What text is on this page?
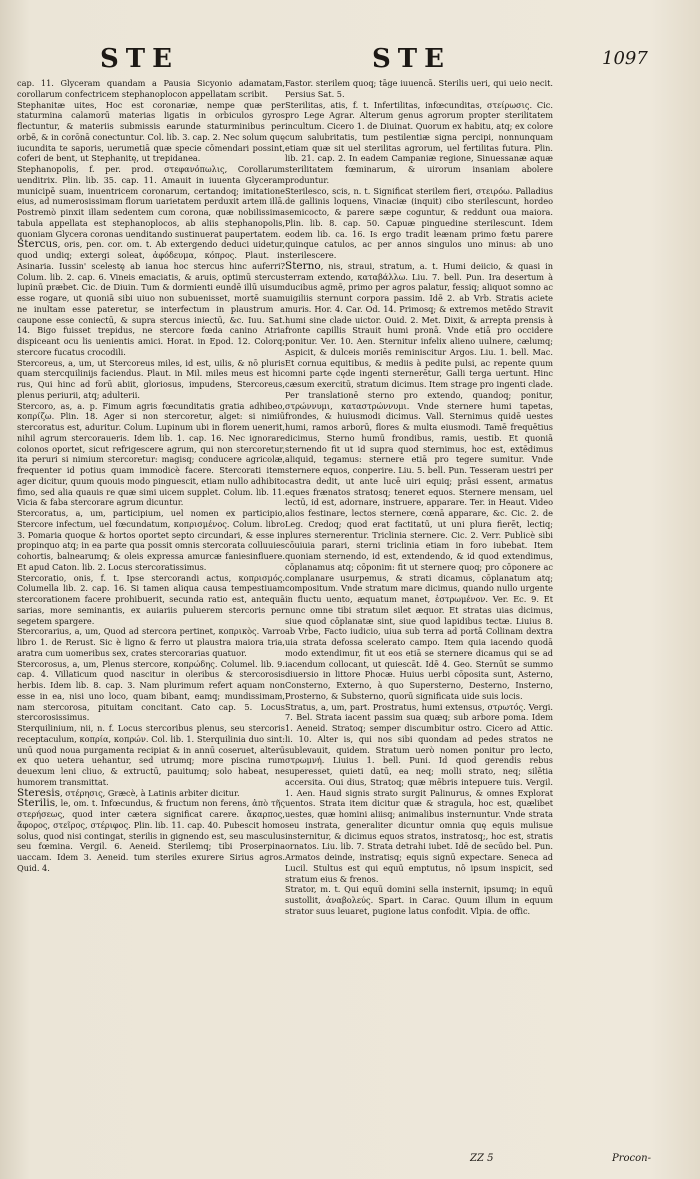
STE	STE	1097

cap. 11. Glyceram quandam a Pausia Sicyonio adamatam, corollarum confectricem stephanoplocon appellatam scribit.

Stephanitæ uites, Hoc est coronariæ, nempe quæ per staturmina calamorū materias ligatis in orbiculos gyros flectuntur, & materiis submissis earunde staturminibus per orbē, & in corōnā conectuntur. Col. lib. 3. cap. 2. Nec solum quę iucundita te saporis, uerumetiā quæ specie cōmendari possint, coferi de bent, ut Stephanitę, ut trepidanea.

Stephanopolis, f. per. prod. στεφανόπωλις, Corollarum uenditrix. Plin. lib. 35. cap. 11. Amauit in iuuenta Glyceram municipē suam, inuentricem coronarum, certandoq; imitatione eius, ad numerosissimam florum uarietatem perduxit artem illā. Postremò pinxit illam sedentem cum corona, quæ nobilissima tabula appellata est stephanoplocos, ab aliis stephanopolis, quoniam Glycera coronas uenditando sustinuerat paupertatem.

Stercus, oris, pen. cor. om. t. Ab extergendo deduci uidetur, quod undiq; extergi soleat, ἀφόδευμα, κόπρος. Plaut. in Asinaria. Iussin' scelestę ab ianua hoc stercus hinc auferri? Colum. lib. 2. cap. 6. Vineis emaciatis, & aruis, optimū stercus lupinū præbet. Cic. de Diuin. Tum & dormienti eundē illū uisum esse rogare, ut quoniā sibi uiuo non subuenisset, mortē suam ne inultam esse pateretur, se interfectum in plaustrum a caupone esse coniectū, & supra stercus iniectū, &c. Iuu. Sat. 14. Bigo fuisset trepidus, ne stercore fœda canino Atria dispiceant ocu lis uenientis amici. Horat. in Epod. 12. Colorq; stercore fucatus crocodili.

Stercoreus, a, um, ut Stercoreus miles, id est, uilis, & nō pluris quam stercquilinijs faciendus. Plaut. in Mil. miles meus est hic rus, Qui hinc ad forū abiit, gloriosus, impudens, Stercoreus, plenus periurii, atq; adulterii.

Stercoro, as, a. p. Fimum agris fœcunditatis gratia adhibeo, κοπρίζω. Plin. 18. Ager si non stercoretur, alget: si nimiū stercoratus est, aduritur. Colum. Lupinum ubi in florem uenerit, nihil agrum stercoraueris. Idem lib. 1. cap. 16. Nec ignorare colonos oportet, sicut refrigescere agrum, qui non stercoretur, ita peruri si nimium stercoretur: magisq; conducere agricolæ, frequenter id potius quam immodicè facere. Stercorati item ager dicitur, quum quouis modo pinguescit, etiam nullo adhibito fimo, sed alia quauis re quæ simi uicem supplet. Colum. lib. 11. Vicia & faba stercorare agrum dicuntur.

Stercoratus, a, um, participium, uel nomen ex participio, Stercore infectum, uel fœcundatum, κοπρισμένος. Colum. libro 3. Pomaria quoque & hortos oportet septo circundari, & esse in propinquo atq; in ea parte qua possit omnis stercorata colluuies cohortis, balnearumq; & oleis expressa amurcæ faniesinfluere. Et apud Caton. lib. 2. Locus stercoratissimus.

Stercoratio, onis, f. t. Ipse stercorandi actus, κοπρισμός. Columella lib. 2. cap. 16. Si tamen aliqua causa tempestiuam stercorationem facere prohibuerit, secunda ratio est, antequā sarias, more seminantis, ex auiariis puluerem stercoris per segetem spargere.

Stercorarius, a, um, Quod ad stercora pertinet, κοπρικὸς. Varro libro 1. de Rerust. Sic è ligno & ferro ut plaustra maiora tria, aratra cum uomeribus sex, crates stercorarias quatuor.

Stercorosus, a, um, Plenus stercore, κοπρώδης. Columel. lib. 9. cap. 4. Villaticum quod nascitur in oleribus & stercorosis herbis. Idem lib. 8. cap. 3. Nam plurimum refert aquam non esse in ea, nisi uno loco, quam bibant, eamq; mundissimam, nam stercorosa, pituitam concitant. Cato cap. 5. Locus stercorosissimus.

Sterquilinium, nii, n. f. Locus stercoribus plenus, seu stercoris receptaculum, κοπρία, κοπρών. Col. lib. 1. Sterquilinia duo sint: unū quod noua purgamenta recipiat & in annū coseruet, alterū ex quo uetera uehantur, sed utrumq; more piscina rum deuexum leni cliuo, & extructū, pauitumq; solo habeat, ne humorem transmittat.

Steresis, στέρησις, Græcè, à Latinis arbiter dicitur.

Sterilis, le, om. t. Infœcundus, & fructum non ferens, ἀπὸ τῆς στερήσεως, quod inter cætera significat carere. ἄκαρπος, ἄφορος, στεῖρος, στέριφος. Plin. lib. 11. cap. 40. Pubescit homo solus, quod nisi contingat, sterilis in gignendo est, seu masculus seu fœmina. Vergil. 6. Aeneid. Sterilemq; tibi Proserpina uaccam. Idem 3. Aeneid. tum steriles exurere Sirius agros. Quid. 4.

Fastor. sterilem quoq; tāge iuuencā. Sterilis ueri, qui ueio necit. Persius Sat. 5.

Sterilitas, atis, f. t. Infertilitas, infœcunditas, στείρωσις. Cic. pro Lege Agrar. Alterum genus agrorum propter sterilitatem incultum. Cicero 1. de Diuinat. Quorum ex habitu, atq; ex colore cum salubritatis, tum pestilentiæ signa percipi, nonnunquam etiam quæ sit uel sterilitas agrorum, uel fertilitas futura. Plin. lib. 21. cap. 2. In eadem Campaniæ regione, Sinuessanæ aquæ sterilitatem fœminarum, & uirorum insaniam abolere produntur.

Sterilesco, scis, n. t. Significat sterilem fieri, στειρόω. Palladius de gallinis loquens, Vinaciæ (inquit) cibo sterilescunt, hordeo semicocto, & parere sæpe coguntur, & reddunt oua maiora. Plin. lib. 8. cap. 50. Capuæ pinguedine sterilescunt. Idem eodem lib. ca. 16. Is ergo tradit leænam primo fœtu parere quinque catulos, ac per annos singulos uno minus: ab uno sterilescere.

Sterno, nis, straui, stratum, a. t. Humi deiicio, & quasi in terram extendo, καταβάλλω. Liu. 7. bell. Pun. Ira desertum à ducibus agmē, primo per agros palatur, fessiq; aliquot somno ac uigiliis sternunt corpora passim. Idē 2. ab Vrb. Stratis aciete muris. Hor. 4. Car. Od. 14. Primosq; & extremos metēdo Stravit humi sine clade uictor. Ouid. 2. Met. Dixit, & arrepta prensis à fronte capillis Strauit humi pronā. Vnde etiā pro occidere ponitur. Ver. 10. Aen. Sternitur infelix alieno uulnere, cælumq; Aspicit, & dulceis moriēs reminiscitur Argos. Liu. 1. bell. Mac. Et cornua equitibus, & mediis à pedite pulsi, ac repente quum omni parte cęde ingenti sternerētur, Galli terga uertunt. Hinc cæsum exercitū, stratum dicimus. Item strage pro ingenti clade. Per translationē sterno pro extendo, quandoq; ponitur, στρώννυμι, καταστρώννυμι. Vnde sternere humi tapetas, frondes, & huiusmodi dicimus. Vall. Sternimus quidē uestes humi, ramos arborū, flores & multa eiusmodi. Tamē frequētius dicimus, Sterno humū frondibus, ramis, uestib. Et quoniā sternendo fit ut id supra quod sternimus, hoc est, extēdimus aliquid, tegamus: sternere etiā pro tegere sumitur. Vnde sternere equos, conperire. Liu. 5. bell. Pun. Tesseram uestri per castra dedit, ut ante lucē uiri equiq; prāsi essent, armatus eques frænatos stratosq; teneret equos. Sternere mensam, uel lectū, id est, adornare, instruere, apparare. Ter. in Heaut. Video alios festinare, lectos sternere, cœnā apparare, &c. Cic. 2. de Leg. Credoq; quod erat factitatū, ut uni plura fierēt, lectiq; plures sternerentur. Triclinia sternere. Cic. 2. Verr. Publicè sibi cōuiuia parari, sterni triclinia etiam in foro iubebat. Item quoniam sternendo, id est, extendendo, & id quod extendimus, cōplanamus atq; cōponim: fit ut sternere quoq; pro cōponere ac complanare usurpemus, & strati dicamus, cōplanatum atq; compositum. Vnde stratum mare dicimus, quando nullo urgente in fluctu uento, æquatum manet, ἐστρωμένον. Ver. Ec. 9. Et nunc omne tibi stratum silet æquor. Et stratas uias dicimus, siue quod cōplanatæ sint, siue quod lapidibus tectæ. Liuius 8. ab Vrbe, Facto iudicio, uiua sub terra ad portā Collinam dextra uia strata defossa scelerato campo. Item quia iacendo quodā modo extendimur, fit ut eos etiā se sternere dicamus qui se ad iacendum collocant, ut quiescāt. Idē 4. Geo. Sternūt se summo diuersio in littore Phocæ. Huius uerbi cōposita sunt, Asterno, Consterno, Externo, à quo Supersterno, Desterno, Insterno, Prosterno, & Substerno, quorū significata uide suis locis.

Stratus, a, um, part. Prostratus, humi extensus, στρωτός. Vergi. 7. Bel. Strata iacent passim sua quæq; sub arbore poma. Idem 1. Aeneid. Stratoq; semper discumbitur ostro. Cicero ad Attic. li. 10. Alter is, qui nos sibi quondam ad pedes stratos ne sublevauit, quidem. Stratum uerò nomen ponitur pro lecto, στρωμνή. Liuius 1. bell. Puni. Id quod gerendis rebus superesset, quieti datū, ea neq; molli strato, neq; silētia accersita. Oui dius, Stratoq; quæ mēbris intepuere tuis. Vergil. 1. Aen. Haud signis strato surgit Palinurus, & omnes Explorat uentos. Strata item dicitur quæ & stragula, hoc est, quælibet uestes, quæ homini aliisq; animalibus insternuntur. Vnde strata seu instrata, generaliter dicuntur omnia quę equis mulisue insternitur, & dicimus equos stratos, instratosq;, hoc est, stratis ornatos. Liu. lib. 7. Strata detrahi iubet. Idē de secūdo bel. Pun. Armatos deinde, instratisq; equis signū expectare. Seneca ad Lucil. Stultus est qui equū emptutus, nō ipsum inspicit, sed stratum eius & frenos.

Strator, m. t. Qui equū domini sella insternit, ipsumq; in equū sustollit, ἀναβολεύς. Spart. in Carac. Quum illum in equum strator suus leuaret, pugione latus confodit. Vlpia. de offic.

ZZ 5	Procon-
